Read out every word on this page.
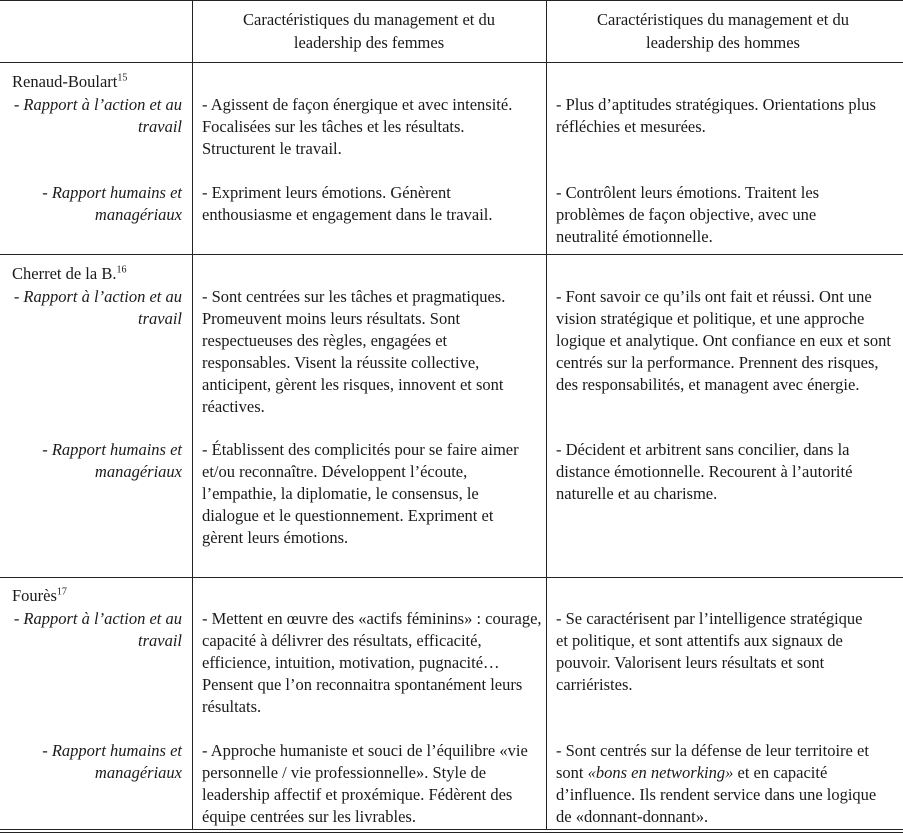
Caractéristiques du management et du leadership des femmes
Caractéristiques du management et du leadership des hommes
Renaud-Boulart$^{15}$
- Rapport à l’action et au travail
- Agissent de façon énergique et avec intensité. Focalisées sur les tâches et les résultats. Structurent le travail.
- Plus d’aptitudes stratégiques. Orientations plus réfléchies et mesurées.
- Rapport humains et managériaux
- Expriment leurs émotions. Génèrent enthousiasme et engagement dans le travail.
- Contrôlent leurs émotions. Traitent les problèmes de façon objective, avec une neutralité émotionnelle.
Cherret de la B.$^{16}$
- Rapport à l’action et au travail
- Sont centrées sur les tâches et pragmatiques. Promeuvent moins leurs résultats. Sont respectueuses des règles, engagées et responsables. Visent la réussite collective, anticipent, gèrent les risques, innovent et sont réactives.
- Font savoir ce qu’ils ont fait et réussi. Ont une vision stratégique et politique, et une approche logique et analytique. Ont confiance en eux et sont centrés sur la performance. Prennent des risques, des responsabilités, et managent avec énergie.
- Rapport humains et managériaux
- Établissent des complicités pour se faire aimer et/ou reconnaître. Développent l’écoute, l’empathie, la diplomatie, le consensus, le dialogue et le questionnement. Expriment et gèrent leurs émotions.
- Décident et arbitrent sans concilier, dans la distance émotionnelle. Recourent à l’autorité naturelle et au charisme.
Fourès$^{17}$
- Rapport à l’action et au travail
- Mettent en œuvre des «actifs féminins» : courage, capacité à délivrer des résultats, efficacité, efficience, intuition, motivation, pugnacité… Pensent que l’on reconnaitra spontanément leurs résultats.
- Se caractérisent par l’intelligence stratégique et politique, et sont attentifs aux signaux de pouvoir. Valorisent leurs résultats et sont carriéristes.
- Rapport humains et managériaux
- Approche humaniste et souci de l’équilibre «vie personnelle / vie professionnelle». Style de leadership affectif et proxémique. Fédèrent des équipe centrées sur les livrables.
- Sont centrés sur la défense de leur territoire et sont «bons en networking» et en capacité d’influence. Ils rendent service dans une logique de «donnant-donnant».
